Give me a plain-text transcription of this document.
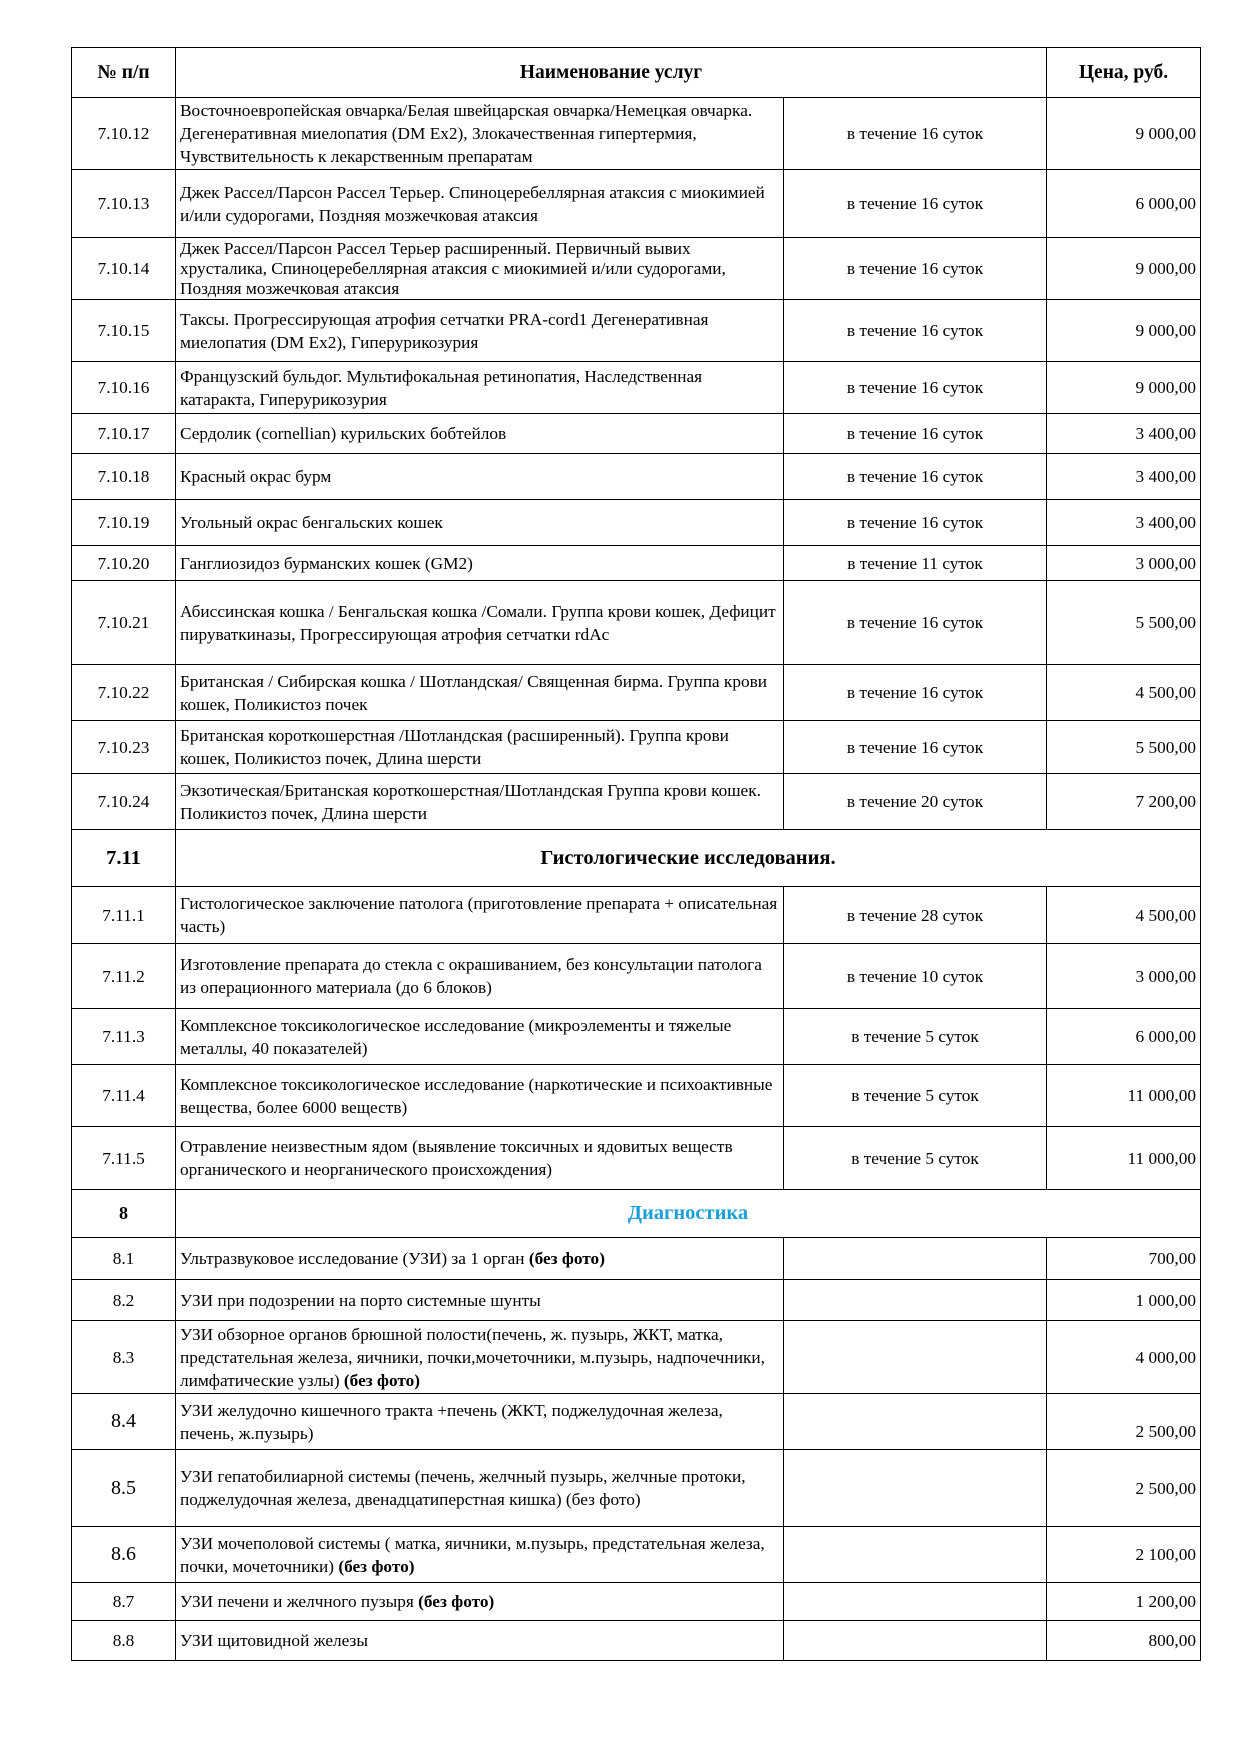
№ п/п	Наименование услуг		Цена, руб.
7.10.12	Восточноевропейская овчарка/Белая швейцарская овчарка/Немецкая овчарка. Дегенеративная миелопатия (DM Ex2), Злокачественная гипертермия, Чувствительность к лекарственным препаратам	в течение 16 суток	9 000,00
7.10.13	Джек Рассел/Парсон Рассел Терьер. Спиноцеребеллярная атаксия с миокимией и/или судорогами, Поздняя мозжечковая атаксия	в течение 16 суток	6 000,00
7.10.14	Джек Рассел/Парсон Рассел Терьер расширенный. Первичный вывих хрусталика, Спиноцеребеллярная атаксия с миокимией и/или судорогами, Поздняя мозжечковая атаксия	в течение 16 суток	9 000,00
7.10.15	Таксы. Прогрессирующая атрофия сетчатки PRA-cord1 Дегенеративная миелопатия (DM Ex2), Гиперурикозурия	в течение 16 суток	9 000,00
7.10.16	Французский бульдог. Мультифокальная ретинопатия, Наследственная катаракта, Гиперурикозурия	в течение 16 суток	9 000,00
7.10.17	Сердолик (cornellian) курильских бобтейлов	в течение 16 суток	3 400,00
7.10.18	Красный окрас бурм	в течение 16 суток	3 400,00
7.10.19	Угольный окрас бенгальских кошек	в течение 16 суток	3 400,00
7.10.20	Ганглиозидоз бурманских кошек (GM2)	в течение 11 суток	3 000,00
7.10.21	Абиссинская кошка / Бенгальская кошка /Сомали. Группа крови кошек, Дефицит пируваткиназы, Прогрессирующая атрофия сетчатки rdAc	в течение 16 суток	5 500,00
7.10.22	Британская / Сибирская кошка / Шотландская/ Священная бирма. Группа крови кошек, Поликистоз почек	в течение 16 суток	4 500,00
7.10.23	Британская короткошерстная /Шотландская (расширенный). Группа крови кошек, Поликистоз почек, Длина шерсти	в течение 16 суток	5 500,00
7.10.24	Экзотическая/Британская короткошерстная/Шотландская Группа крови кошек. Поликистоз почек, Длина шерсти	в течение 20 суток	7 200,00
7.11	Гистологические исследования.		
7.11.1	Гистологическое заключение патолога (приготовление препарата + описательная часть)	в течение 28 суток	4 500,00
7.11.2	Изготовление препарата до стекла с окрашиванием, без консультации патолога из операционного материала (до 6 блоков)	в течение 10 суток	3 000,00
7.11.3	Комплексное токсикологическое исследование (микроэлементы и тяжелые металлы, 40 показателей)	в течение 5 суток	6 000,00
7.11.4	Комплексное токсикологическое исследование (наркотические и психоактивные вещества, более 6000 веществ)	в течение 5 суток	11 000,00
7.11.5	Отравление неизвестным ядом (выявление токсичных и ядовитых веществ органического и неорганического происхождения)	в течение 5 суток	11 000,00
8	Диагностика		
8.1	Ультразвуковое исследование (УЗИ) за 1 орган (без фото)		700,00
8.2	УЗИ при подозрении на порто системные шунты		1 000,00
8.3	УЗИ обзорное органов брюшной полости(печень, ж. пузырь, ЖКТ, матка, предстательная железа, яичники, почки,мочеточники, м.пузырь, надпочечники, лимфатические узлы) (без фото)		4 000,00
8.4	УЗИ желудочно кишечного тракта +печень (ЖКТ, поджелудочная железа, печень, ж.пузырь)		2 500,00
8.5	УЗИ гепатобилиарной системы (печень, желчный пузырь, желчные протоки, поджелудочная железа, двенадцатиперстная кишка) (без фото)		2 500,00
8.6	УЗИ мочеполовой системы ( матка, яичники, м.пузырь, предстательная железа, почки, мочеточники) (без фото)		2 100,00
8.7	УЗИ печени и желчного пузыря (без фото)		1 200,00
8.8	УЗИ щитовидной железы		800,00
